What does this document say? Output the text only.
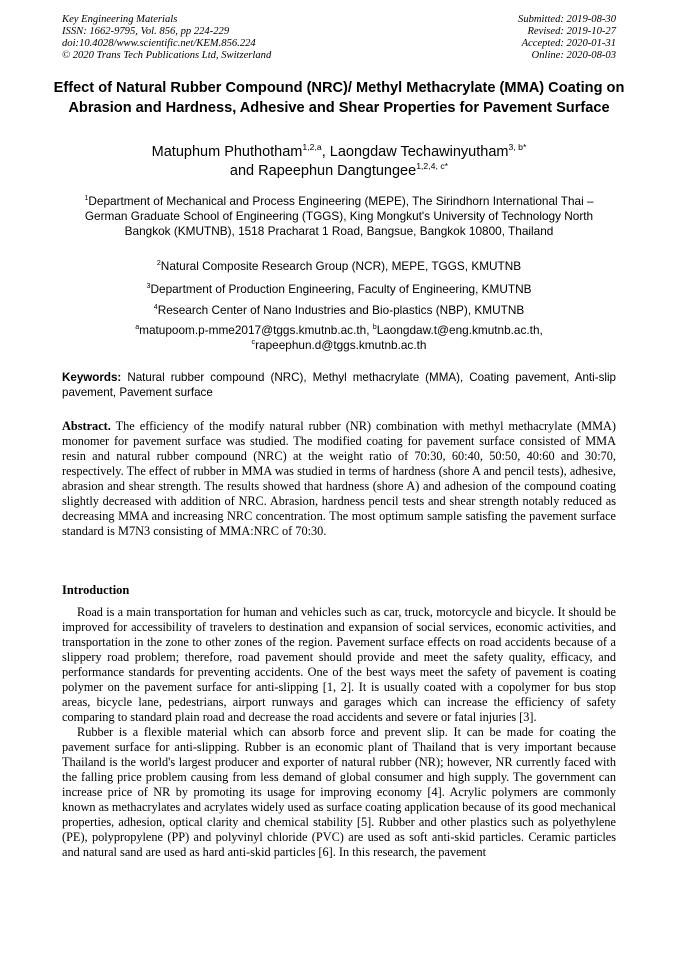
Key Engineering Materials
ISSN: 1662-9795, Vol. 856, pp 224-229
doi:10.4028/www.scientific.net/KEM.856.224
© 2020 Trans Tech Publications Ltd, Switzerland
Submitted: 2019-08-30
Revised: 2019-10-27
Accepted: 2020-01-31
Online: 2020-08-03
Effect of Natural Rubber Compound (NRC)/ Methyl Methacrylate (MMA) Coating on Abrasion and Hardness, Adhesive and Shear Properties for Pavement Surface
Matuphum Phuthotham$^{1,2,a}$, Laongdaw Techawinyutham$^{3, b*}$
and Rapeephun Dangtungee$^{1,2,4, c*}$
$^1$Department of Mechanical and Process Engineering (MEPE), The Sirindhorn International Thai – German Graduate School of Engineering (TGGS), King Mongkut's University of Technology North Bangkok (KMUTNB), 1518 Pracharat 1 Road, Bangsue, Bangkok 10800, Thailand
$^2$Natural Composite Research Group (NCR), MEPE, TGGS, KMUTNB
$^3$Department of Production Engineering, Faculty of Engineering, KMUTNB
$^4$Research Center of Nano Industries and Bio-plastics (NBP), KMUTNB
$^a$matupoom.p-mme2017@tggs.kmutnb.ac.th, $^b$Laongdaw.t@eng.kmutnb.ac.th,
$^c$rapeephun.d@tggs.kmutnb.ac.th
Keywords: Natural rubber compound (NRC), Methyl methacrylate (MMA), Coating pavement, Anti-slip pavement, Pavement surface
Abstract. The efficiency of the modify natural rubber (NR) combination with methyl methacrylate (MMA) monomer for pavement surface was studied. The modified coating for pavement surface consisted of MMA resin and natural rubber compound (NRC) at the weight ratio of 70:30, 60:40, 50:50, 40:60 and 30:70, respectively. The effect of rubber in MMA was studied in terms of hardness (shore A and pencil tests), adhesive, abrasion and shear strength. The results showed that hardness (shore A) and adhesion of the compound coating slightly decreased with addition of NRC. Abrasion, hardness pencil tests and shear strength notably reduced as decreasing MMA and increasing NRC concentration. The most optimum sample satisfing the pavement surface standard is M7N3 consisting of MMA:NRC of 70:30.
Introduction

Road is a main transportation for human and vehicles such as car, truck, motorcycle and bicycle. It should be improved for accessibility of travelers to destination and expansion of social services, economic activities, and transportation in the zone to other zones of the region. Pavement surface effects on road accidents because of a slippery road problem; therefore, road pavement should provide and meet the safety quality, efficacy, and performance standards for preventing accidents. One of the best ways meet the safety of pavement is coating polymer on the pavement surface for anti-slipping [1, 2]. It is usually coated with a copolymer for bus stop areas, bicycle lane, pedestrians, airport runways and garages which can increase the efficiency of safety comparing to standard plain road and decrease the road accidents and severe or fatal injuries [3].

Rubber is a flexible material which can absorb force and prevent slip. It can be made for coating the pavement surface for anti-slipping. Rubber is an economic plant of Thailand that is very important because Thailand is the world's largest producer and exporter of natural rubber (NR); however, NR currently faced with the falling price problem causing from less demand of global consumer and high supply. The government can increase price of NR by promoting its usage for improving economy [4]. Acrylic polymers are commonly known as methacrylates and acrylates widely used as surface coating application because of its good mechanical properties, adhesion, optical clarity and chemical stability [5]. Rubber and other plastics such as polyethylene (PE), polypropylene (PP) and polyvinyl chloride (PVC) are used as soft anti-skid particles. Ceramic particles and natural sand are used as hard anti-skid particles [6]. In this research, the pavement
